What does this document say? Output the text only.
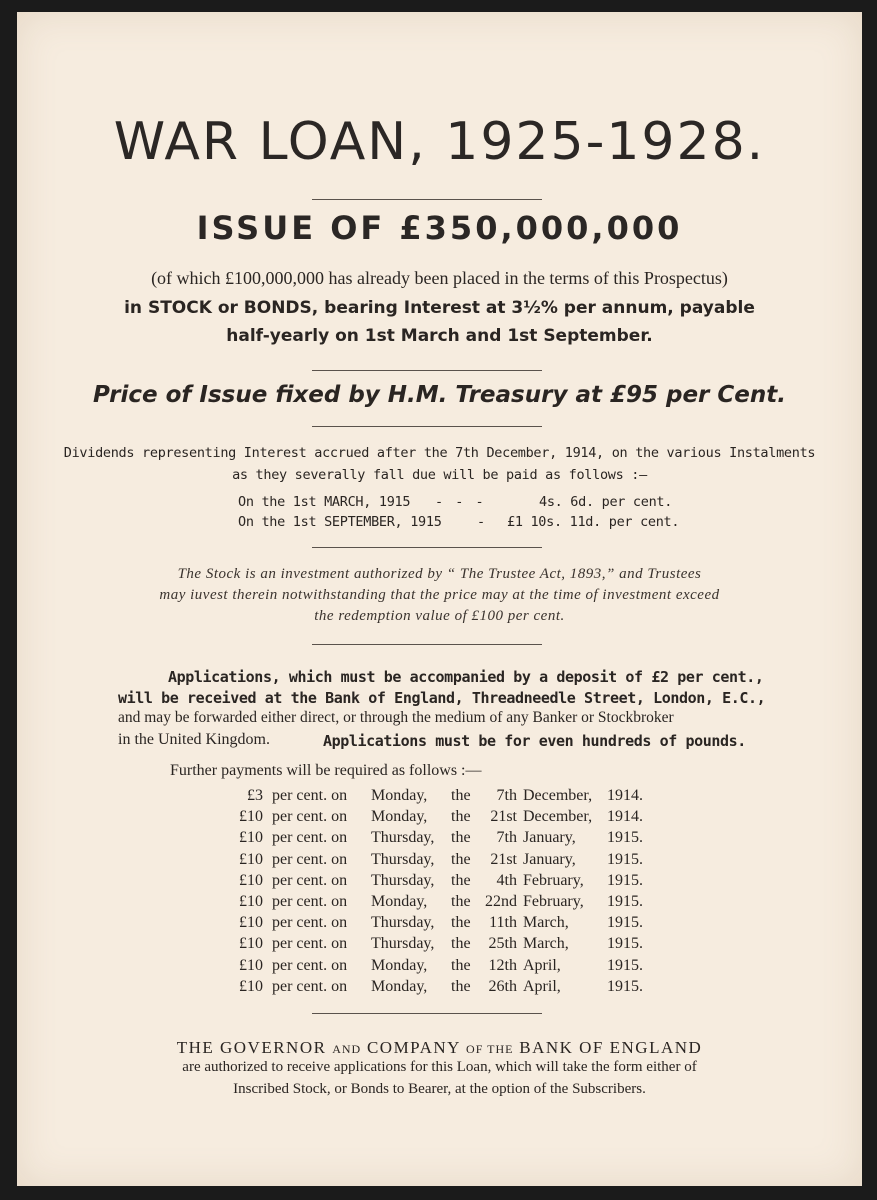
WAR LOAN, 1925-1928.
ISSUE OF £350,000,000
(of which £100,000,000 has already been placed in the terms of this Prospectus)
in STOCK or BONDS, bearing Interest at 3½% per annum, payable
half-yearly on 1st March and 1st September.
Price of Issue fixed by H.M. Treasury at £95 per Cent.
Dividends representing Interest accrued after the 7th December, 1914, on the various Instalments
as they severally fall due will be paid as follows :—
On the 1st MARCH, 1915 - - -	4s. 6d. per cent.
On the 1st SEPTEMBER, 1915	- £1 10s. 11d. per cent.
The Stock is an investment authorized by “ The Trustee Act, 1893,” and Trustees
may iuvest therein notwithstanding that the price may at the time of investment exceed
the redemption value of £100 per cent.
Applications, which must be accompanied by a deposit of £2 per cent.,
will be received at the Bank of England, Threadneedle Street, London, E.C.,
and may be forwarded either direct, or through the medium of any Banker or Stockbroker
in the United Kingdom.	Applications must be for even hundreds of pounds.
Further payments will be required as follows :—
£3 per cent. on Monday, the	7th December, 1914.
£10 per cent. on Monday, the	21st December, 1914.
£10 per cent. on Thursday, the	7th January, 1915.
£10 per cent. on Thursday, the	21st January, 1915.
£10 per cent. on Thursday, the	4th February, 1915.
£10 per cent. on Monday, the 22nd February, 1915.
£10 per cent. on Thursday, the	11th March, 1915.
£10 per cent. on Thursday, the	25th March, 1915.
£10 per cent. on Monday, the	12th April,	1915.
£10 per cent. on Monday, the	26th April,	1915.
THE GOVERNOR AND COMPANY OF THE BANK OF ENGLAND
are authorized to receive applications for this Loan, which will take the form either of
Inscribed Stock, or Bonds to Bearer, at the option of the Subscribers.
